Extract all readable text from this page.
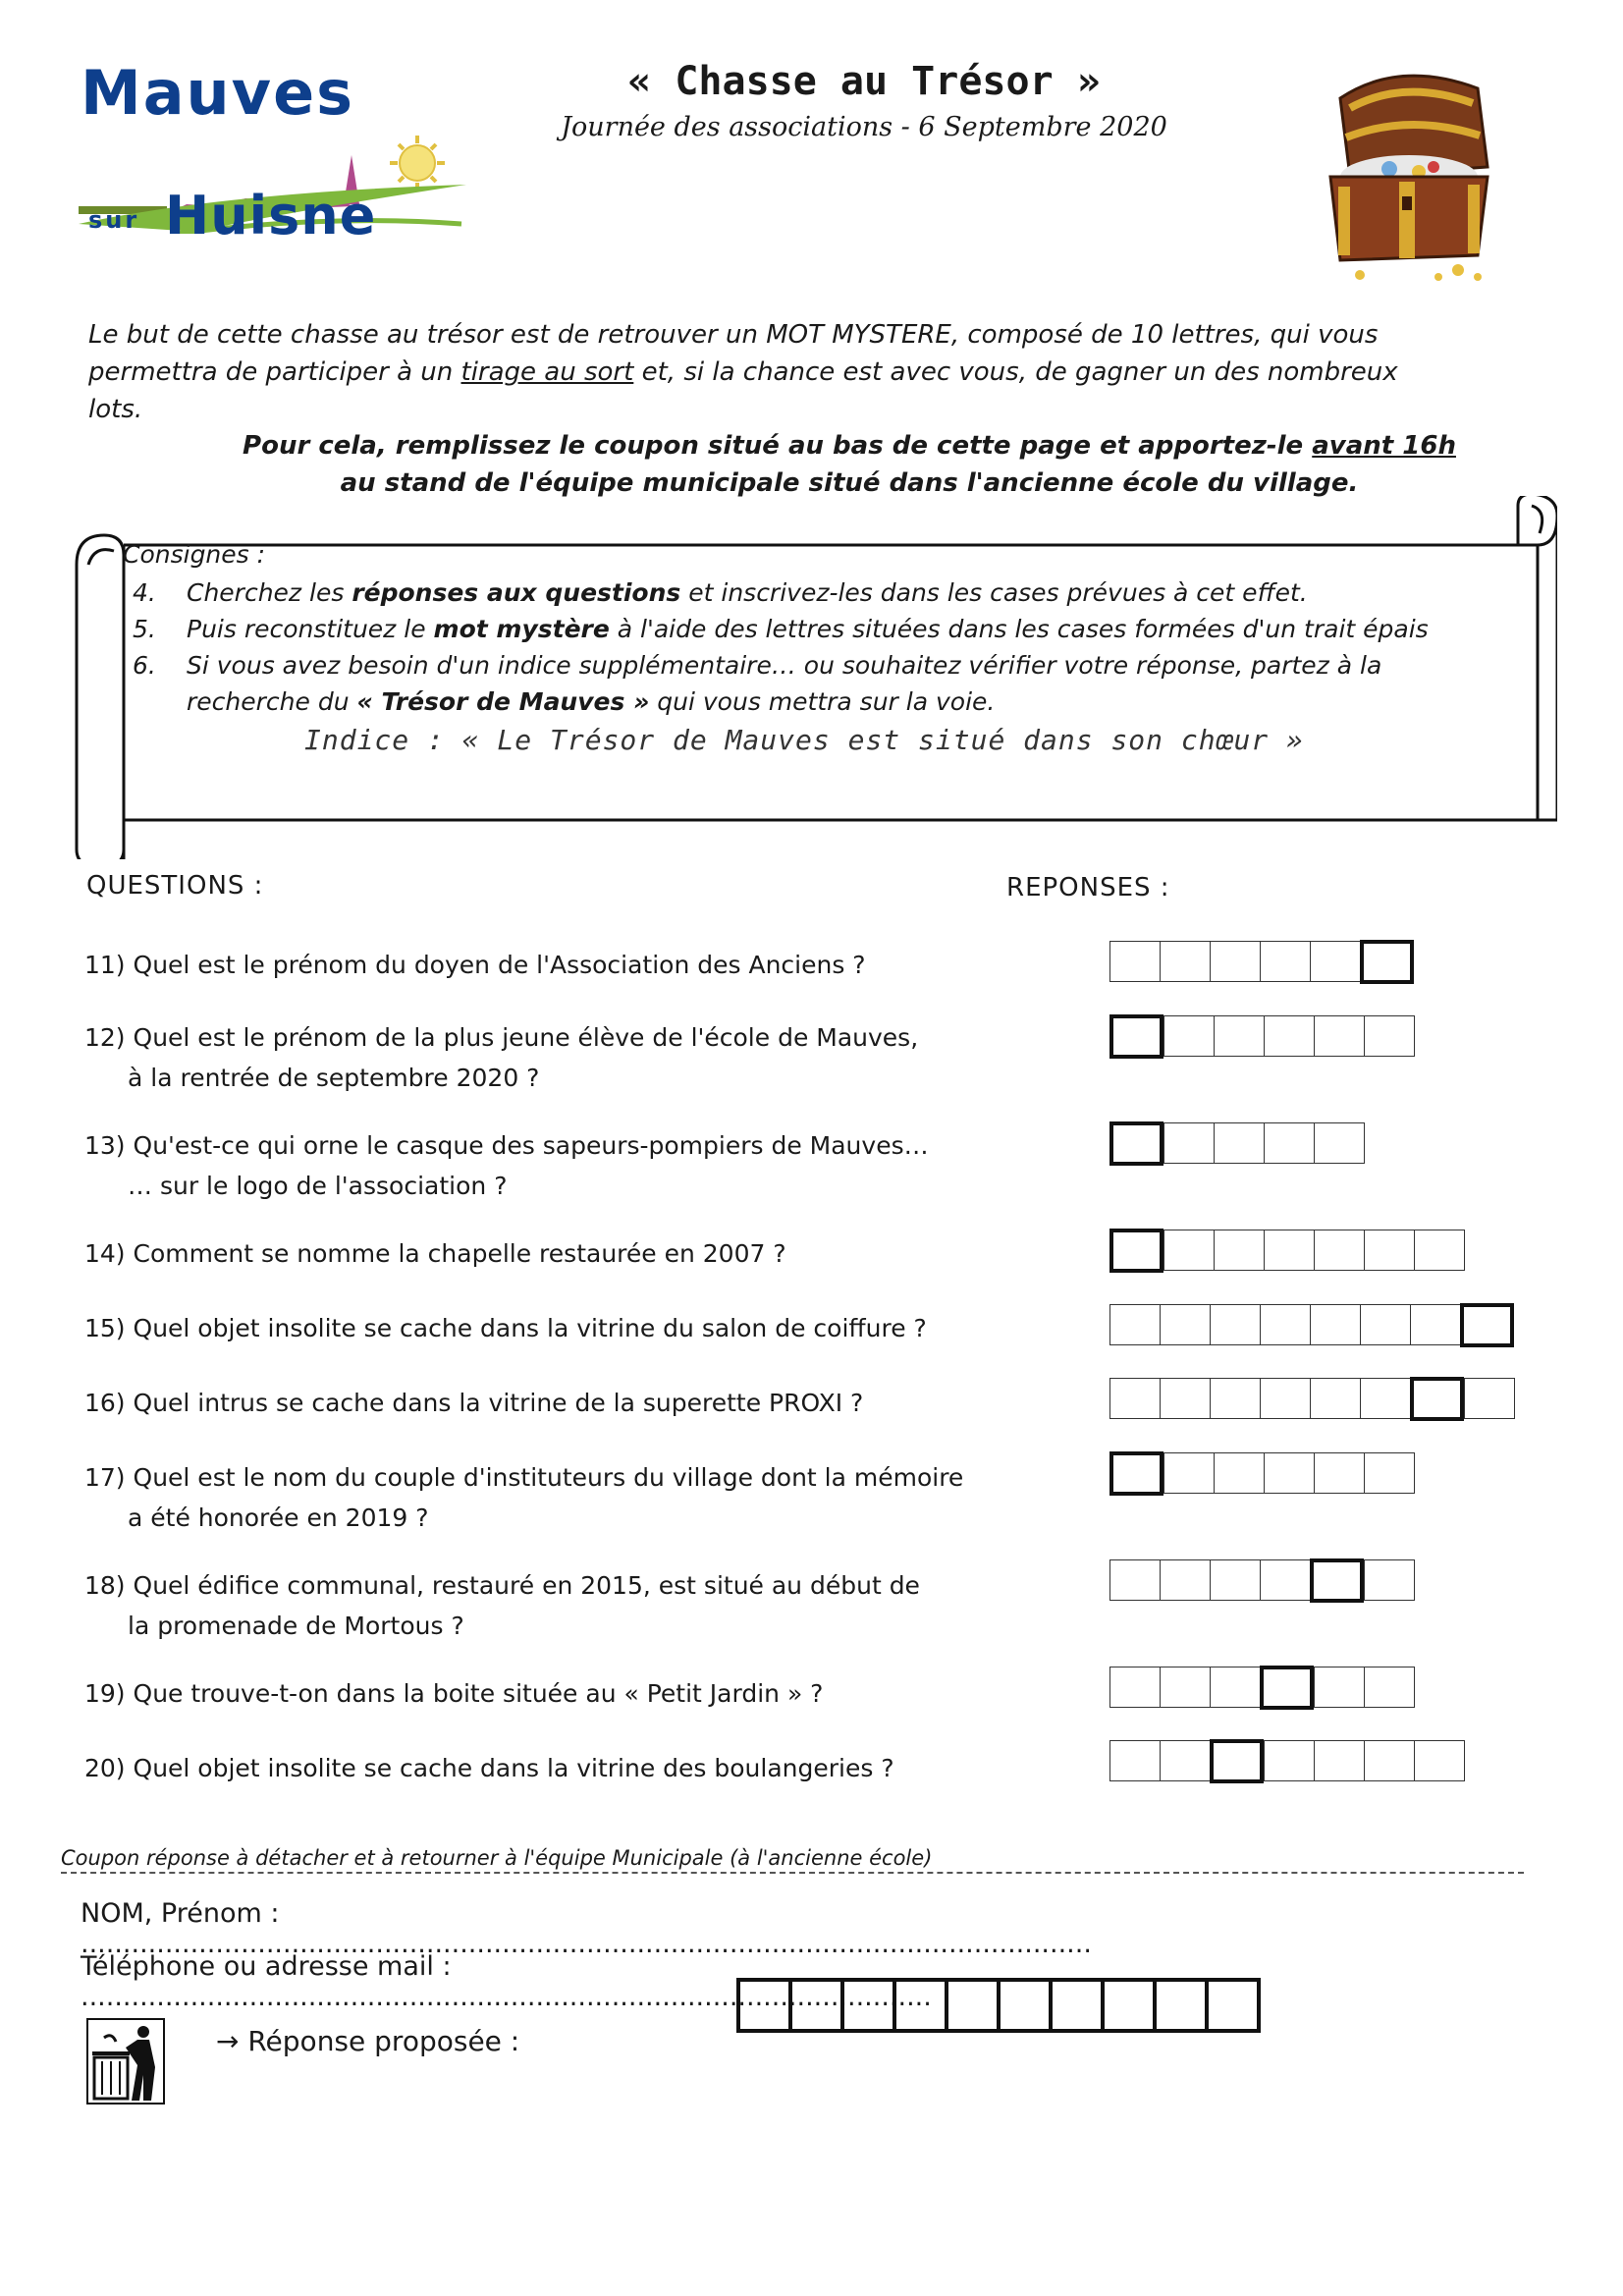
Mauves
sur Huisne
« Chasse au Trésor »
Journée des associations - 6 Septembre 2020
Le but de cette chasse au trésor est de retrouver un MOT MYSTERE, composé de 10 lettres, qui vous permettra de participer à un tirage au sort et, si la chance est avec vous, de gagner un des nombreux lots.
Pour cela, remplissez le coupon situé au bas de cette page et apportez-le avant 16h au stand de l'équipe municipale situé dans l'ancienne école du village.
Consignes :
4. Cherchez les réponses aux questions et inscrivez-les dans les cases prévues à cet effet.
5. Puis reconstituez le mot mystère à l'aide des lettres situées dans les cases formées d'un trait épais
6. Si vous avez besoin d'un indice supplémentaire… ou souhaitez vérifier votre réponse, partez à la recherche du « Trésor de Mauves » qui vous mettra sur la voie.
Indice : « Le Trésor de Mauves est situé dans son chœur »
QUESTIONS :	REPONSES :
11) Quel est le prénom du doyen de l'Association des Anciens ?
12) Quel est le prénom de la plus jeune élève de l'école de Mauves,
à la rentrée de septembre 2020 ?
13) Qu'est-ce qui orne le casque des sapeurs-pompiers de Mauves…
… sur le logo de l'association ?
14) Comment se nomme la chapelle restaurée en 2007 ?
15) Quel objet insolite se cache dans la vitrine du salon de coiffure ?
16) Quel intrus se cache dans la vitrine de la superette PROXI ?
17) Quel est le nom du couple d'instituteurs du village dont la mémoire
a été honorée en 2019 ?
18) Quel édifice communal, restauré en 2015, est situé au début de
la promenade de Mortous ?
19) Que trouve-t-on dans la boite située au « Petit Jardin » ?
20) Quel objet insolite se cache dans la vitrine des boulangeries ?
Coupon réponse à détacher et à retourner à l'équipe Municipale (à l'ancienne école)
NOM, Prénom : ........................................................................................................................
Téléphone ou adresse mail : .....................................................................................................
→ Réponse proposée :
